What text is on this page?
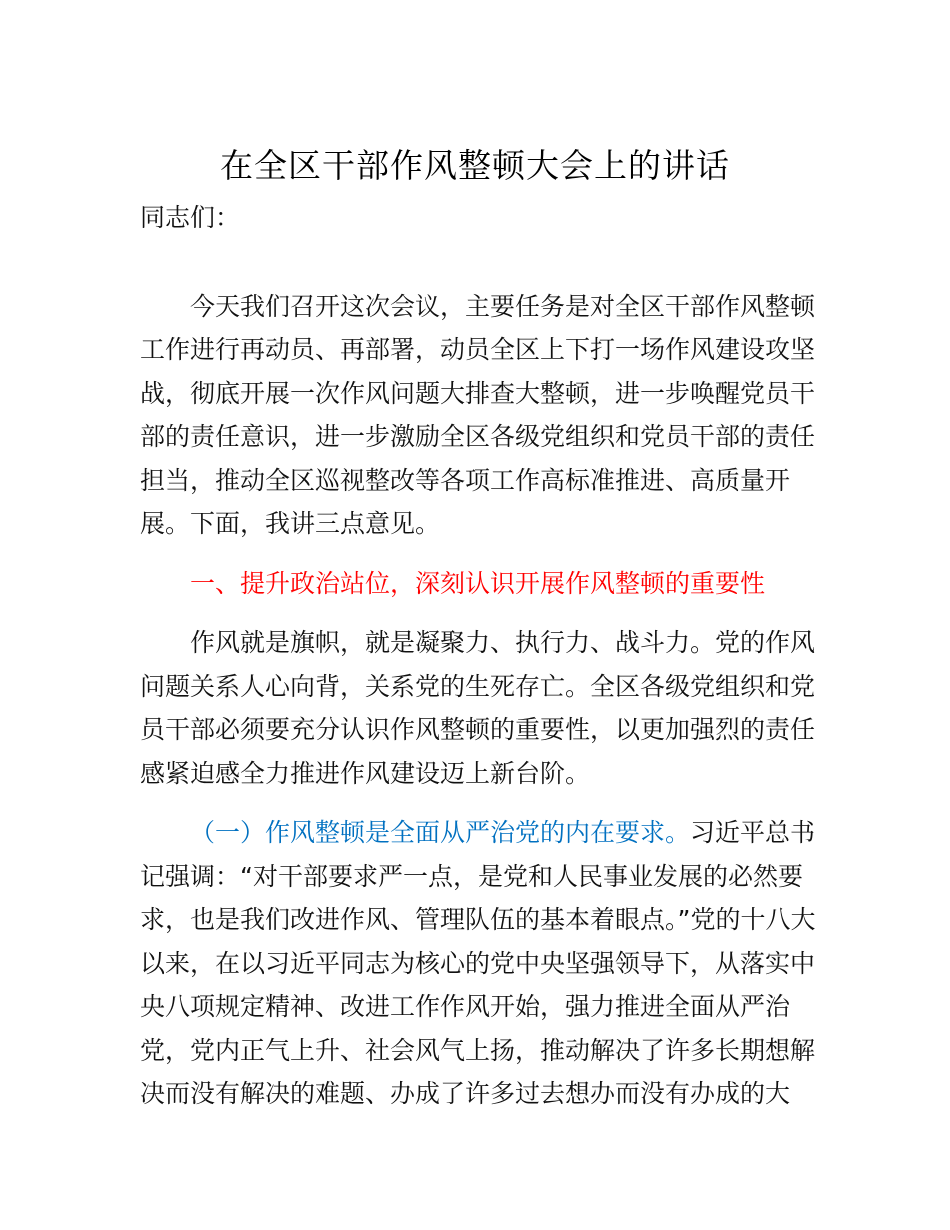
在全区干部作风整顿大会上的讲话

同志们：

今天我们召开这次会议，主要任务是对全区干部作风整顿工作进行再动员、再部署，动员全区上下打一场作风建设攻坚战，彻底开展一次作风问题大排查大整顿，进一步唤醒党员干部的责任意识，进一步激励全区各级党组织和党员干部的责任担当，推动全区巡视整改等各项工作高标准推进、高质量开展。下面，我讲三点意见。

一、提升政治站位，深刻认识开展作风整顿的重要性

作风就是旗帜，就是凝聚力、执行力、战斗力。党的作风问题关系人心向背，关系党的生死存亡。全区各级党组织和党员干部必须要充分认识作风整顿的重要性，以更加强烈的责任感紧迫感全力推进作风建设迈上新台阶。

（一）作风整顿是全面从严治党的内在要求。习近平总书记强调：“对干部要求严一点，是党和人民事业发展的必然要求，也是我们改进作风、管理队伍的基本着眼点。”党的十八大以来，在以习近平同志为核心的党中央坚强领导下，从落实中央八项规定精神、改进工作作风开始，强力推进全面从严治党，党内正气上升、社会风气上扬，推动解决了许多长期想解决而没有解决的难题、办成了许多过去想办而没有办成的大
